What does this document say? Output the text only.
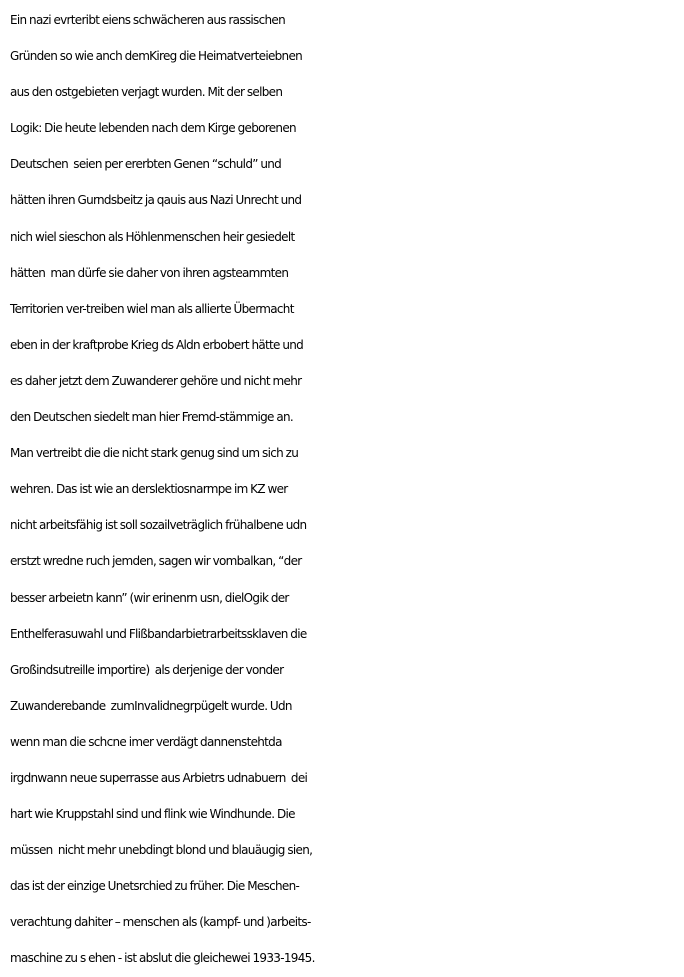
Ein nazi evrteribt eiens schwächeren aus rassischen
Gründen so wie anch demKireg die Heimatverteiebnen
aus den ostgebieten verjagt wurden. Mit der selben
Logik: Die heute lebenden nach dem Kirge geborenen
Deutschen  seien per ererbten Genen “schuld” und
hätten ihren Gurndsbeitz ja qauis aus Nazi Unrecht und
nich wiel sieschon als Höhlenmenschen heir gesiedelt
hätten  man dürfe sie daher von ihren agsteammten
Territorien ver-treiben wiel man als allierte Übermacht
eben in der kraftprobe Krieg ds Aldn erbobert hätte und
es daher jetzt dem Zuwanderer gehöre und nicht mehr
den Deutschen siedelt man hier Fremd-stämmige an.
Man vertreibt die die nicht stark genug sind um sich zu
wehren. Das ist wie an derslektiosnarmpe im KZ wer
nicht arbeitsfähig ist soll sozailveträglich frühalbene udn
erstzt wredne ruch jemden, sagen wir vombalkan, “der
besser arbeietn kann” (wir erinenrn usn, dielOgik der
Enthelferasuwahl und Flißbandarbietrarbeitssklaven die
Großindsutreille importire)  als derjenige der vonder
Zuwanderebande  zumInvalidnegrpügelt wurde. Udn
wenn man die schcne imer verdägt dannenstehtda
irgdnwann neue superrasse aus Arbietrs udnabuern  dei
hart wie Kruppstahl sind und flink wie Windhunde. Die
müssen  nicht mehr unebdingt blond und blauäugig sien,
das ist der einzige Unetsrchied zu früher. Die Meschen-
verachtung dahiter – menschen als (kampf- und )arbeits-
maschine zu s ehen - ist abslut die gleichewei 1933-1945.
